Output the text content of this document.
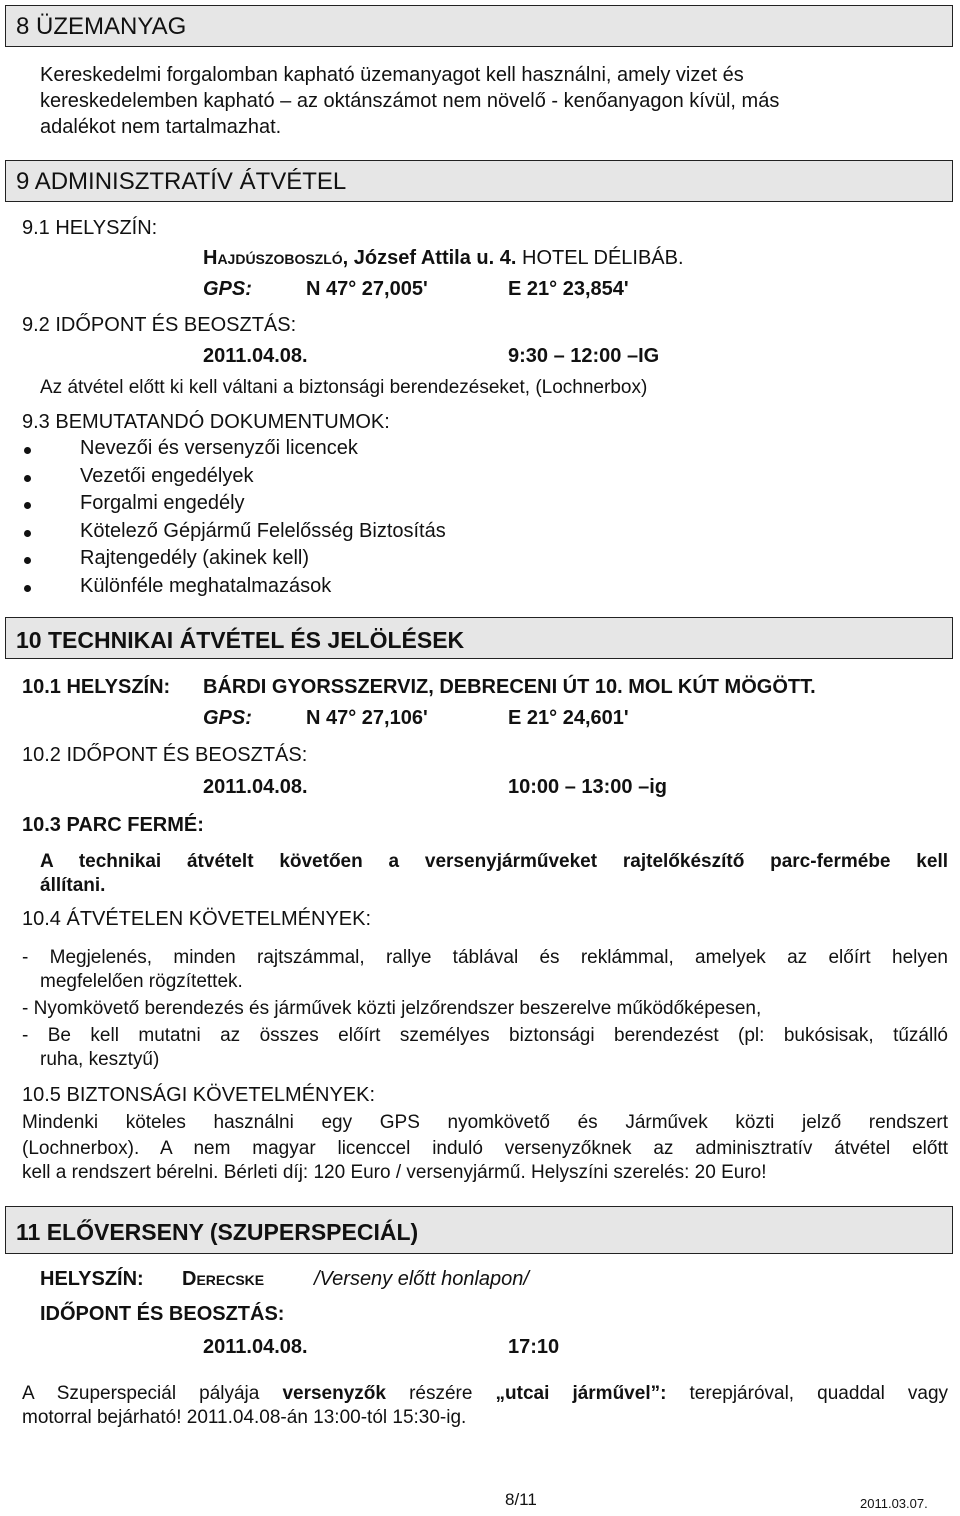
8 ÜZEMANYAG
Kereskedelmi forgalomban kapható üzemanyagot kell használni, amely vizet és
kereskedelemben kapható – az oktánszámot nem növelő - kenőanyagon kívül, más
adalékot nem tartalmazhat.
9 ADMINISZTRATÍV ÁTVÉTEL
9.1 HELYSZÍN:
Hajdúszoboszló, József Attila u. 4. HOTEL DÉLIBÁB.
GPS:	N 47° 27,005'	E 21° 23,854'
9.2 IDŐPONT ÉS BEOSZTÁS:
2011.04.08.	9:30 – 12:00 –IG
Az átvétel előtt ki kell váltani a biztonsági berendezéseket, (Lochnerbox)
9.3 BEMUTATANDÓ DOKUMENTUMOK:
Nevezői és versenyzői licencek
Vezetői engedélyek
Forgalmi engedély
Kötelező Gépjármű Felelősség Biztosítás
Rajtengedély (akinek kell)
Különféle meghatalmazások
10 TECHNIKAI ÁTVÉTEL ÉS JELÖLÉSEK
10.1 HELYSZÍN: BÁRDI GYORSSZERVIZ, DEBRECENI ÚT 10. MOL KÚT MÖGÖTT.
GPS:	N 47° 27,106'	E 21° 24,601'
10.2 IDŐPONT ÉS BEOSZTÁS:
2011.04.08.	10:00 – 13:00 –ig
10.3 PARC FERMÉ:
A technikai átvételt követően a versenyjárműveket rajtelőkészítő parc-fermébe kell
állítani.
10.4 ÁTVÉTELEN KÖVETELMÉNYEK:
- Megjelenés, minden rajtszámmal, rallye táblával és reklámmal, amelyek az előírt helyen
megfelelően rögzítettek.
- Nyomkövető berendezés és járművek közti jelzőrendszer beszerelve működőképesen,
- Be kell mutatni az összes előírt személyes biztonsági berendezést (pl: bukósisak, tűzálló
ruha, kesztyű)
10.5 BIZTONSÁGI KÖVETELMÉNYEK:
Mindenki köteles használni egy GPS nyomkövető és Járművek közti jelző rendszert
(Lochnerbox). A nem magyar licenccel induló versenyzőknek az adminisztratív átvétel előtt
kell a rendszert bérelni. Bérleti díj: 120 Euro / versenyjármű. Helyszíni szerelés: 20 Euro!
11 ELŐVERSENY (SZUPERSPECIÁL)
HELYSZÍN: Derecske /Verseny előtt honlapon/
IDŐPONT ÉS BEOSZTÁS:
2011.04.08.	17:10
A Szuperspeciál pályája versenyzők részére „utcai járművel”: terepjáróval, quaddal vagy
motorral bejárható! 2011.04.08-án 13:00-tól 15:30-ig.
8/11	2011.03.07.
